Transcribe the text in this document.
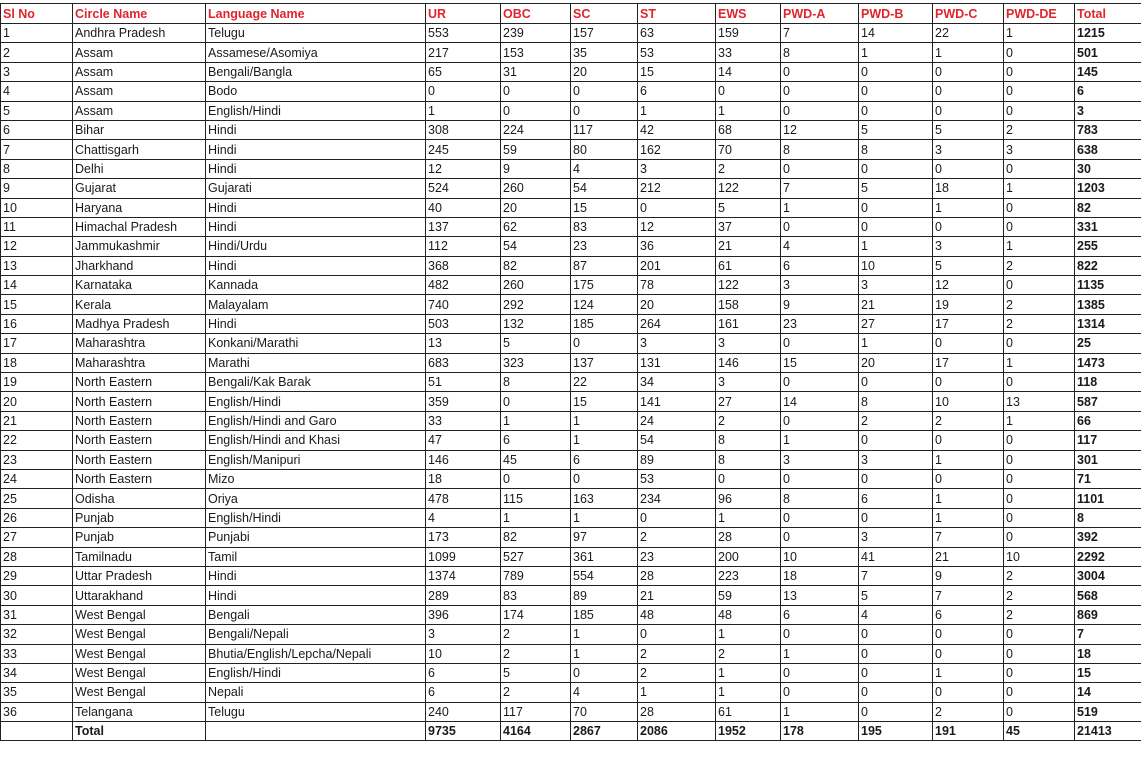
Sl No	Circle Name	Language Name	UR	OBC	SC	ST	EWS	PWD-A	PWD-B	PWD-C	PWD-DE	Total
1	Andhra Pradesh	Telugu	553	239	157	63	159	7	14	22	1	1215
2	Assam	Assamese/Asomiya	217	153	35	53	33	8	1	1	0	501
3	Assam	Bengali/Bangla	65	31	20	15	14	0	0	0	0	145
4	Assam	Bodo	0	0	0	6	0	0	0	0	0	6
5	Assam	English/Hindi	1	0	0	1	1	0	0	0	0	3
6	Bihar	Hindi	308	224	117	42	68	12	5	5	2	783
7	Chattisgarh	Hindi	245	59	80	162	70	8	8	3	3	638
8	Delhi	Hindi	12	9	4	3	2	0	0	0	0	30
9	Gujarat	Gujarati	524	260	54	212	122	7	5	18	1	1203
10	Haryana	Hindi	40	20	15	0	5	1	0	1	0	82
11	Himachal Pradesh	Hindi	137	62	83	12	37	0	0	0	0	331
12	Jammukashmir	Hindi/Urdu	112	54	23	36	21	4	1	3	1	255
13	Jharkhand	Hindi	368	82	87	201	61	6	10	5	2	822
14	Karnataka	Kannada	482	260	175	78	122	3	3	12	0	1135
15	Kerala	Malayalam	740	292	124	20	158	9	21	19	2	1385
16	Madhya Pradesh	Hindi	503	132	185	264	161	23	27	17	2	1314
17	Maharashtra	Konkani/Marathi	13	5	0	3	3	0	1	0	0	25
18	Maharashtra	Marathi	683	323	137	131	146	15	20	17	1	1473
19	North Eastern	Bengali/Kak Barak	51	8	22	34	3	0	0	0	0	118
20	North Eastern	English/Hindi	359	0	15	141	27	14	8	10	13	587
21	North Eastern	English/Hindi and Garo	33	1	1	24	2	0	2	2	1	66
22	North Eastern	English/Hindi and Khasi	47	6	1	54	8	1	0	0	0	117
23	North Eastern	English/Manipuri	146	45	6	89	8	3	3	1	0	301
24	North Eastern	Mizo	18	0	0	53	0	0	0	0	0	71
25	Odisha	Oriya	478	115	163	234	96	8	6	1	0	1101
26	Punjab	English/Hindi	4	1	1	0	1	0	0	1	0	8
27	Punjab	Punjabi	173	82	97	2	28	0	3	7	0	392
28	Tamilnadu	Tamil	1099	527	361	23	200	10	41	21	10	2292
29	Uttar Pradesh	Hindi	1374	789	554	28	223	18	7	9	2	3004
30	Uttarakhand	Hindi	289	83	89	21	59	13	5	7	2	568
31	West Bengal	Bengali	396	174	185	48	48	6	4	6	2	869
32	West Bengal	Bengali/Nepali	3	2	1	0	1	0	0	0	0	7
33	West Bengal	Bhutia/English/Lepcha/Nepali	10	2	1	2	2	1	0	0	0	18
34	West Bengal	English/Hindi	6	5	0	2	1	0	0	1	0	15
35	West Bengal	Nepali	6	2	4	1	1	0	0	0	0	14
36	Telangana	Telugu	240	117	70	28	61	1	0	2	0	519
	Total		9735	4164	2867	2086	1952	178	195	191	45	21413
